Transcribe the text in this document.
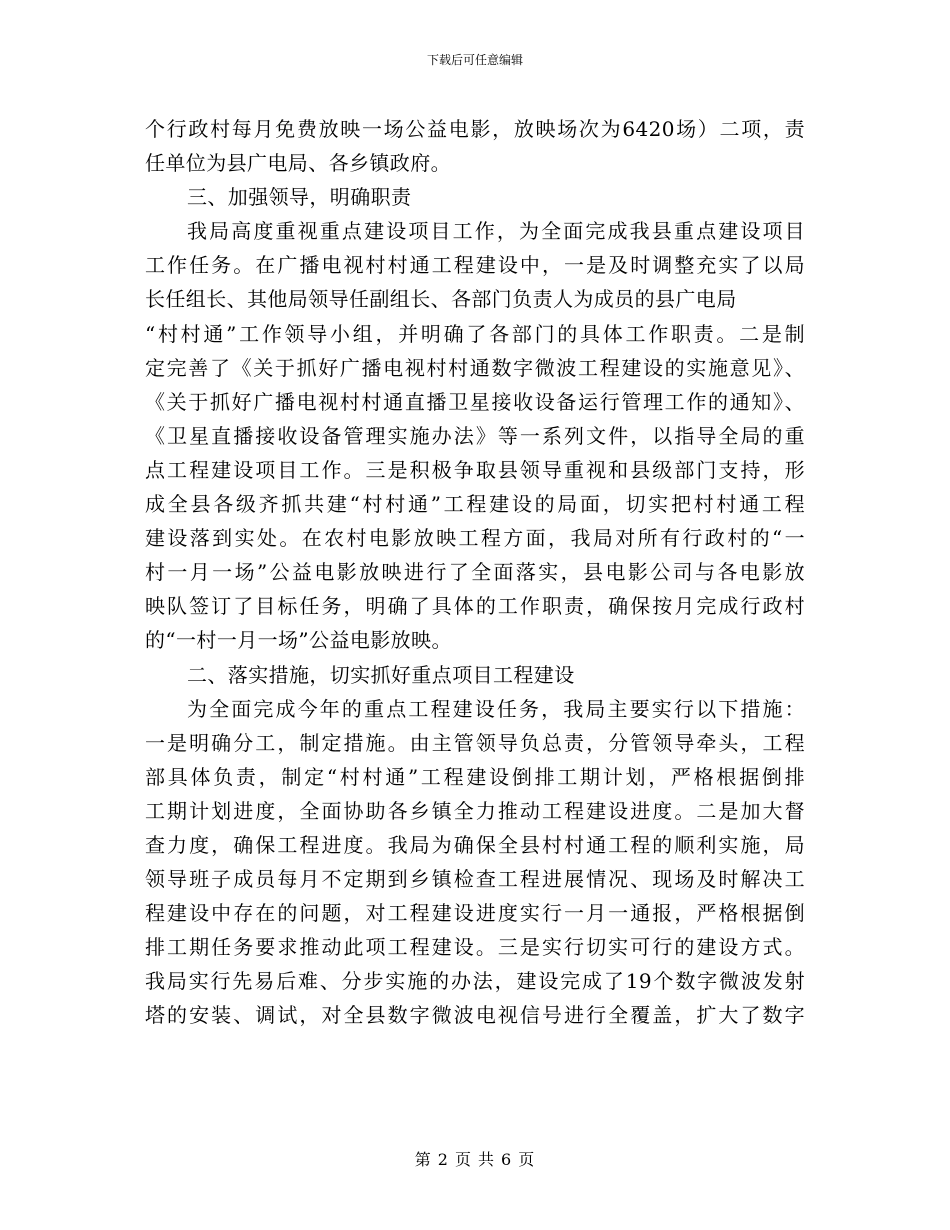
下载后可任意编辑
个行政村每月免费放映一场公益电影，放映场次为6420场）二项，责
任单位为县广电局、各乡镇政府。
三、加强领导，明确职责
我局高度重视重点建设项目工作，为全面完成我县重点建设项目
工作任务。在广播电视村村通工程建设中，一是及时调整充实了以局
长任组长、其他局领导任副组长、各部门负责人为成员的县广电局
“村村通”工作领导小组，并明确了各部门的具体工作职责。二是制
定完善了《关于抓好广播电视村村通数字微波工程建设的实施意见》、
《关于抓好广播电视村村通直播卫星接收设备运行管理工作的通知》、
《卫星直播接收设备管理实施办法》等一系列文件，以指导全局的重
点工程建设项目工作。三是积极争取县领导重视和县级部门支持，形
成全县各级齐抓共建“村村通”工程建设的局面，切实把村村通工程
建设落到实处。在农村电影放映工程方面，我局对所有行政村的“一
村一月一场”公益电影放映进行了全面落实，县电影公司与各电影放
映队签订了目标任务，明确了具体的工作职责，确保按月完成行政村
的“一村一月一场”公益电影放映。
二、落实措施，切实抓好重点项目工程建设
为全面完成今年的重点工程建设任务，我局主要实行以下措施：
一是明确分工，制定措施。由主管领导负总责，分管领导牵头，工程
部具体负责，制定“村村通”工程建设倒排工期计划，严格根据倒排
工期计划进度，全面协助各乡镇全力推动工程建设进度。二是加大督
查力度，确保工程进度。我局为确保全县村村通工程的顺利实施，局
领导班子成员每月不定期到乡镇检查工程进展情况、现场及时解决工
程建设中存在的问题，对工程建设进度实行一月一通报，严格根据倒
排工期任务要求推动此项工程建设。三是实行切实可行的建设方式。
我局实行先易后难、分步实施的办法，建设完成了19个数字微波发射
塔的安装、调试，对全县数字微波电视信号进行全覆盖，扩大了数字
第 2 页 共 6 页
